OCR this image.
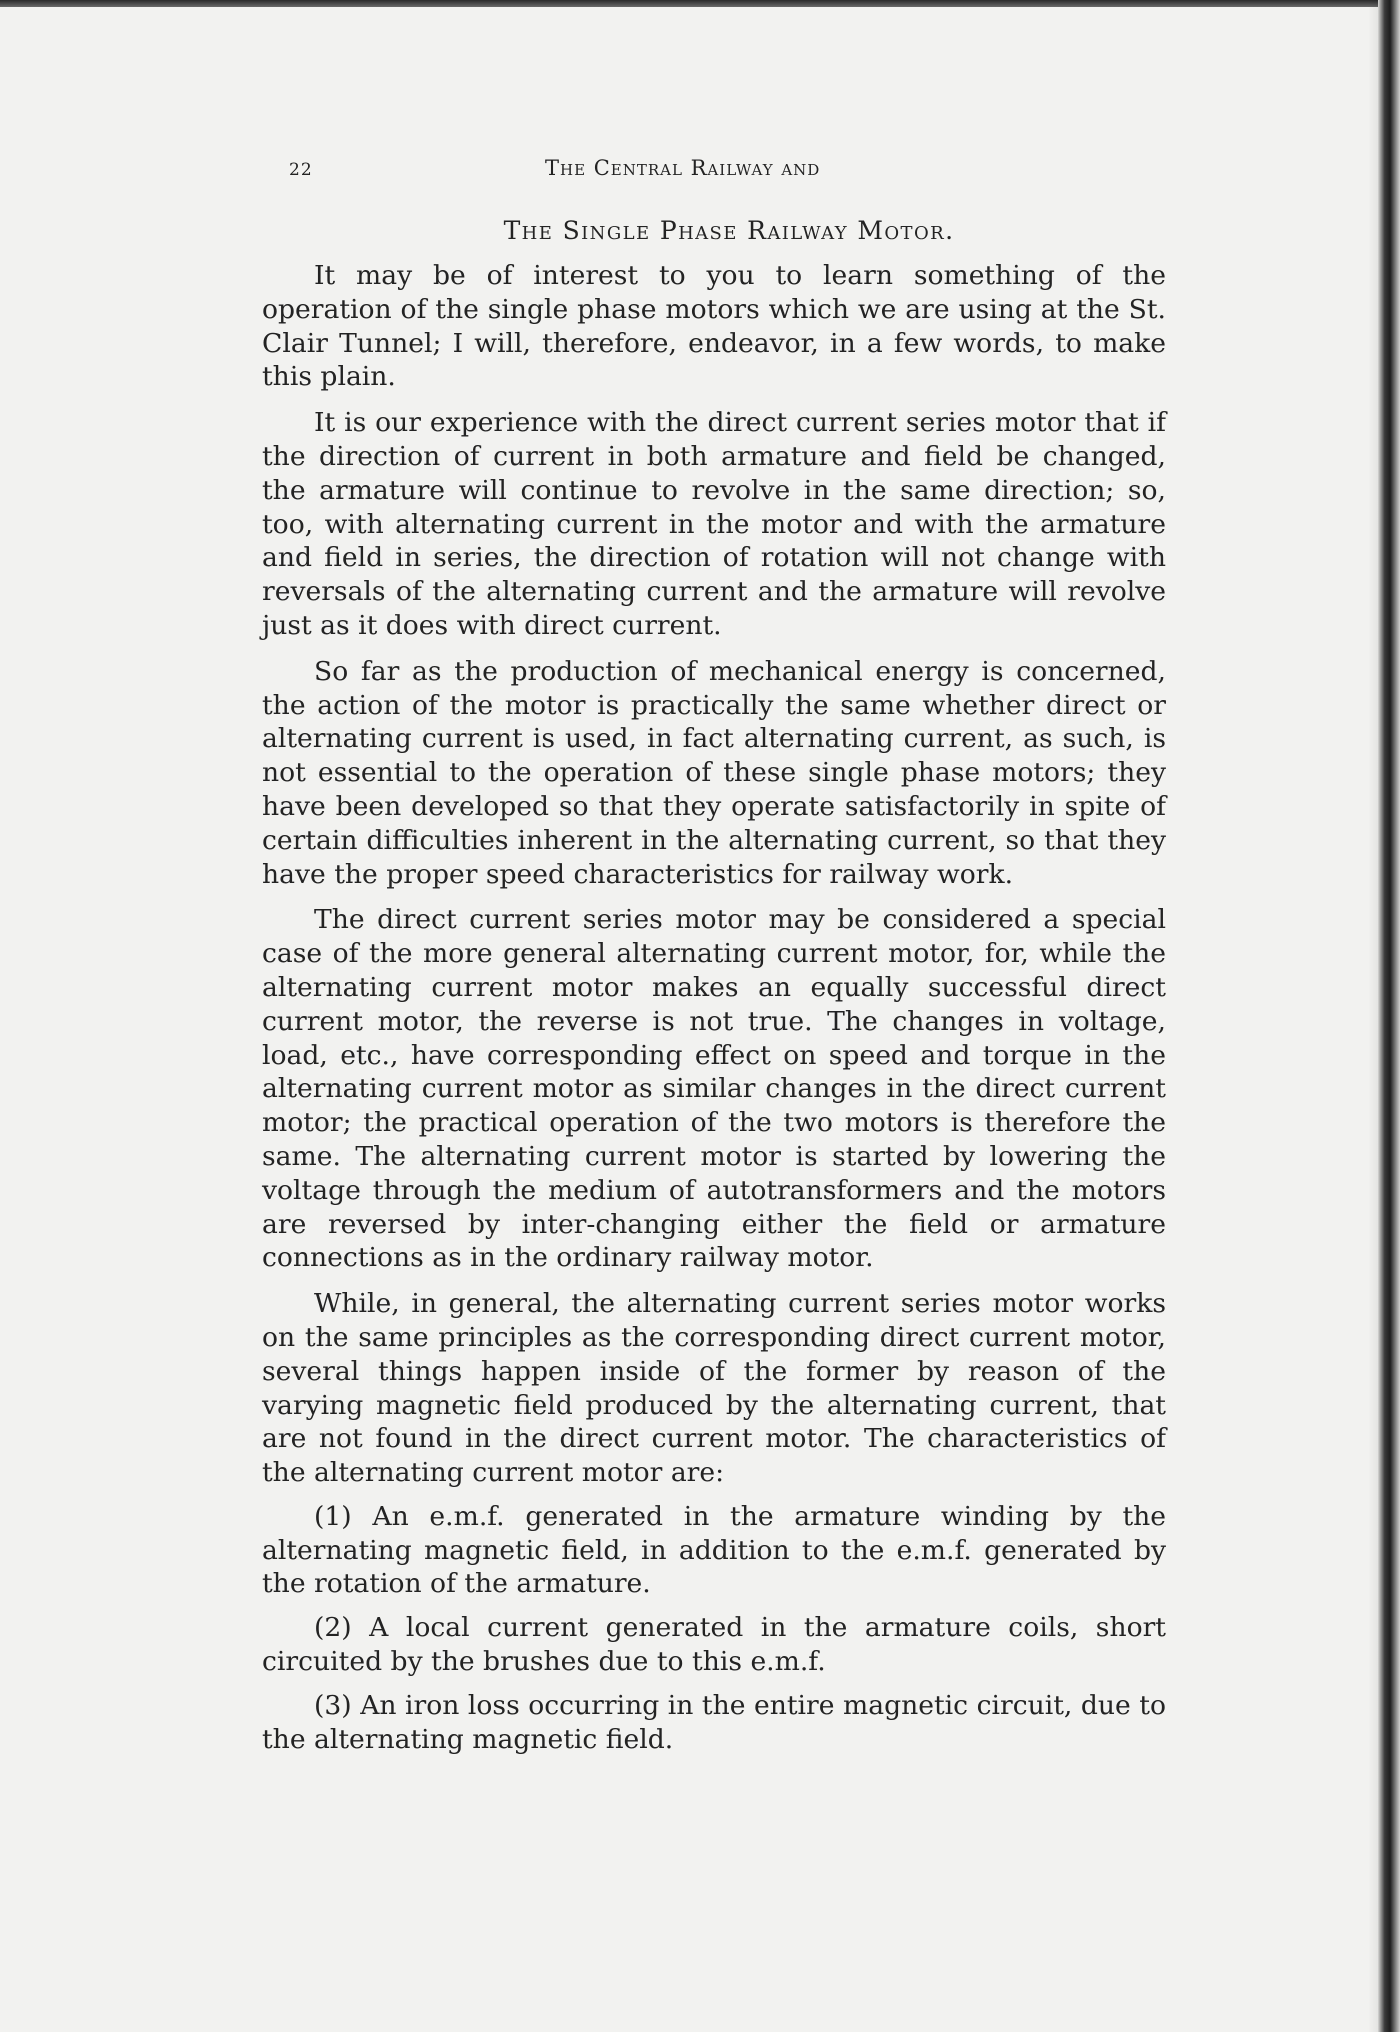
22	The Central Railway and
The Single Phase Railway Motor.

It may be of interest to you to learn something of the operation of the single phase motors which we are using at the St. Clair Tunnel; I will, therefore, endeavor, in a few words, to make this plain.

It is our experience with the direct current series motor that if the direction of current in both armature and field be changed, the armature will continue to revolve in the same direction; so, too, with alternating current in the motor and with the armature and field in series, the direction of rotation will not change with reversals of the alternating current and the armature will revolve just as it does with direct current.

So far as the production of mechanical energy is concerned, the action of the motor is practically the same whether direct or alternating current is used, in fact alternating current, as such, is not essential to the operation of these single phase motors; they have been developed so that they operate satisfactorily in spite of certain difficulties inherent in the alternating current, so that they have the proper speed characteristics for railway work.

The direct current series motor may be considered a special case of the more general alternating current motor, for, while the alternating current motor makes an equally successful direct current motor, the reverse is not true. The changes in voltage, load, etc., have corresponding effect on speed and torque in the alternating current motor as similar changes in the direct current motor; the practical operation of the two motors is therefore the same. The alternating current motor is started by lowering the voltage through the medium of autotransformers and the motors are reversed by inter-changing either the field or armature connections as in the ordinary railway motor.

While, in general, the alternating current series motor works on the same principles as the corresponding direct current motor, several things happen inside of the former by reason of the varying magnetic field produced by the alternating current, that are not found in the direct current motor. The characteristics of the alternating current motor are:

(1) An e.m.f. generated in the armature winding by the alternating magnetic field, in addition to the e.m.f. generated by the rotation of the armature.

(2) A local current generated in the armature coils, short circuited by the brushes due to this e.m.f.

(3) An iron loss occurring in the entire magnetic circuit, due to the alternating magnetic field.
